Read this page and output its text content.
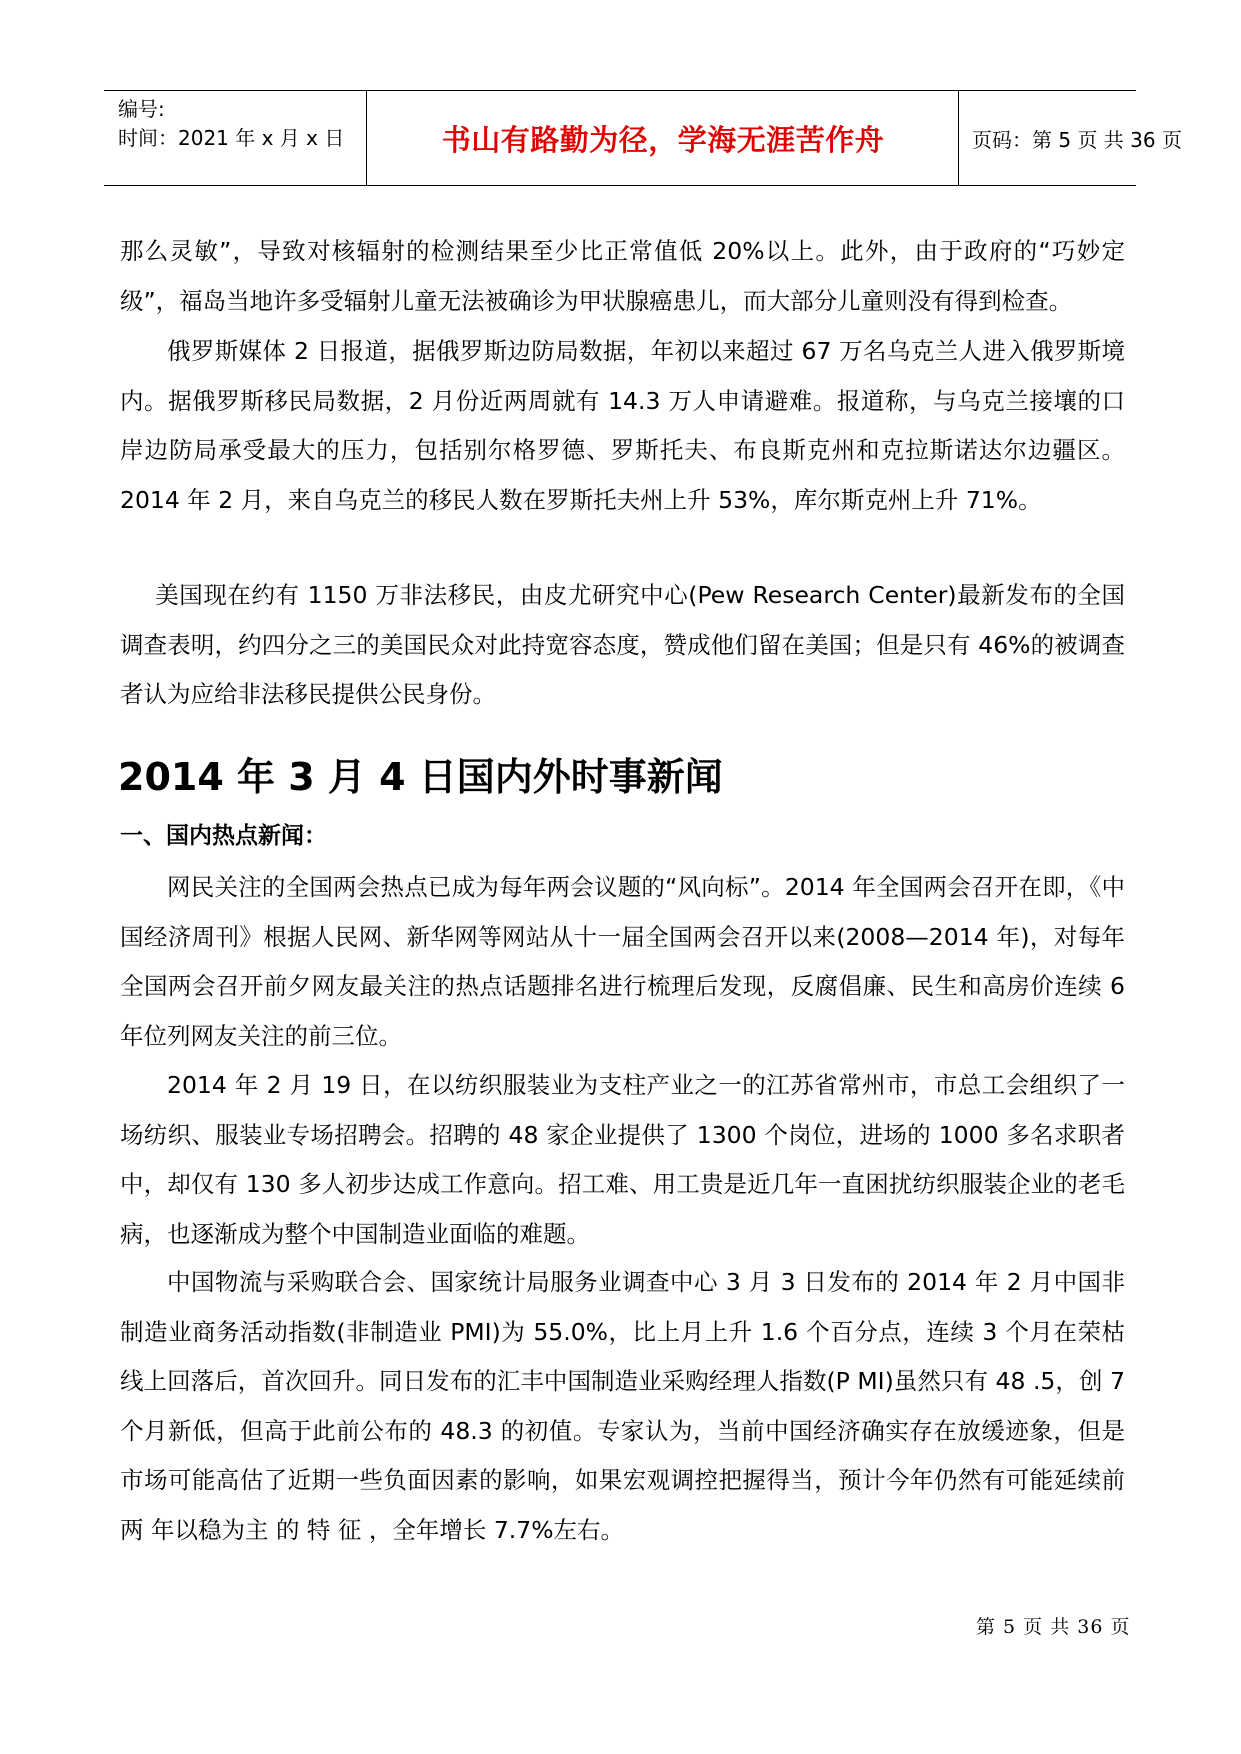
编号:
时间：2021 年 x 月 x 日	书山有路勤为径，学海无涯苦作舟	页码：第 5 页 共 36 页

那么灵敏”，导致对核辐射的检测结果至少比正常值低 20%以上。此外，由于政府的“巧妙定级”，福岛当地许多受辐射儿童无法被确诊为甲状腺癌患儿，而大部分儿童则没有得到检查。

俄罗斯媒体 2 日报道，据俄罗斯边防局数据，年初以来超过 67 万名乌克兰人进入俄罗斯境内。据俄罗斯移民局数据，2 月份近两周就有 14.3 万人申请避难。报道称，与乌克兰接壤的口岸边防局承受最大的压力，包括别尔格罗德、罗斯托夫、布良斯克州和克拉斯诺达尔边疆区。2014 年 2 月，来自乌克兰的移民人数在罗斯托夫州上升 53%，库尔斯克州上升 71%。

美国现在约有 1150 万非法移民，由皮尤研究中心(Pew Research Center)最新发布的全国调查表明，约四分之三的美国民众对此持宽容态度，赞成他们留在美国；但是只有 46%的被调查者认为应给非法移民提供公民身份。

2014 年 3 月 4 日国内外时事新闻
一、国内热点新闻：

网民关注的全国两会热点已成为每年两会议题的“风向标”。2014 年全国两会召开在即，《中国经济周刊》根据人民网、新华网等网站从十一届全国两会召开以来(2008—2014 年)，对每年全国两会召开前夕网友最关注的热点话题排名进行梳理后发现，反腐倡廉、民生和高房价连续 6 年位列网友关注的前三位。

2014 年 2 月 19 日，在以纺织服装业为支柱产业之一的江苏省常州市，市总工会组织了一场纺织、服装业专场招聘会。招聘的 48 家企业提供了 1300 个岗位，进场的 1000 多名求职者中，却仅有 130 多人初步达成工作意向。招工难、用工贵是近几年一直困扰纺织服装企业的老毛病，也逐渐成为整个中国制造业面临的难题。

中国物流与采购联合会、国家统计局服务业调查中心 3 月 3 日发布的 2014 年 2 月中国非制造业商务活动指数(非制造业 PMI)为 55.0%，比上月上升 1.6 个百分点，连续 3 个月在荣枯线上回落后，首次回升。同日发布的汇丰中国制造业采购经理人指数(P MI)虽然只有 48 .5，创 7 个月新低，但高于此前公布的 48.3 的初值。专家认为，当前中国经济确实存在放缓迹象，但是市场可能高估了近期一些负面因素的影响，如果宏观调控把握得当，预计今年仍然有可能延续前两 年以稳为主 的 特 征 ，全年增长 7.7%左右。

第 5 页 共 36 页
